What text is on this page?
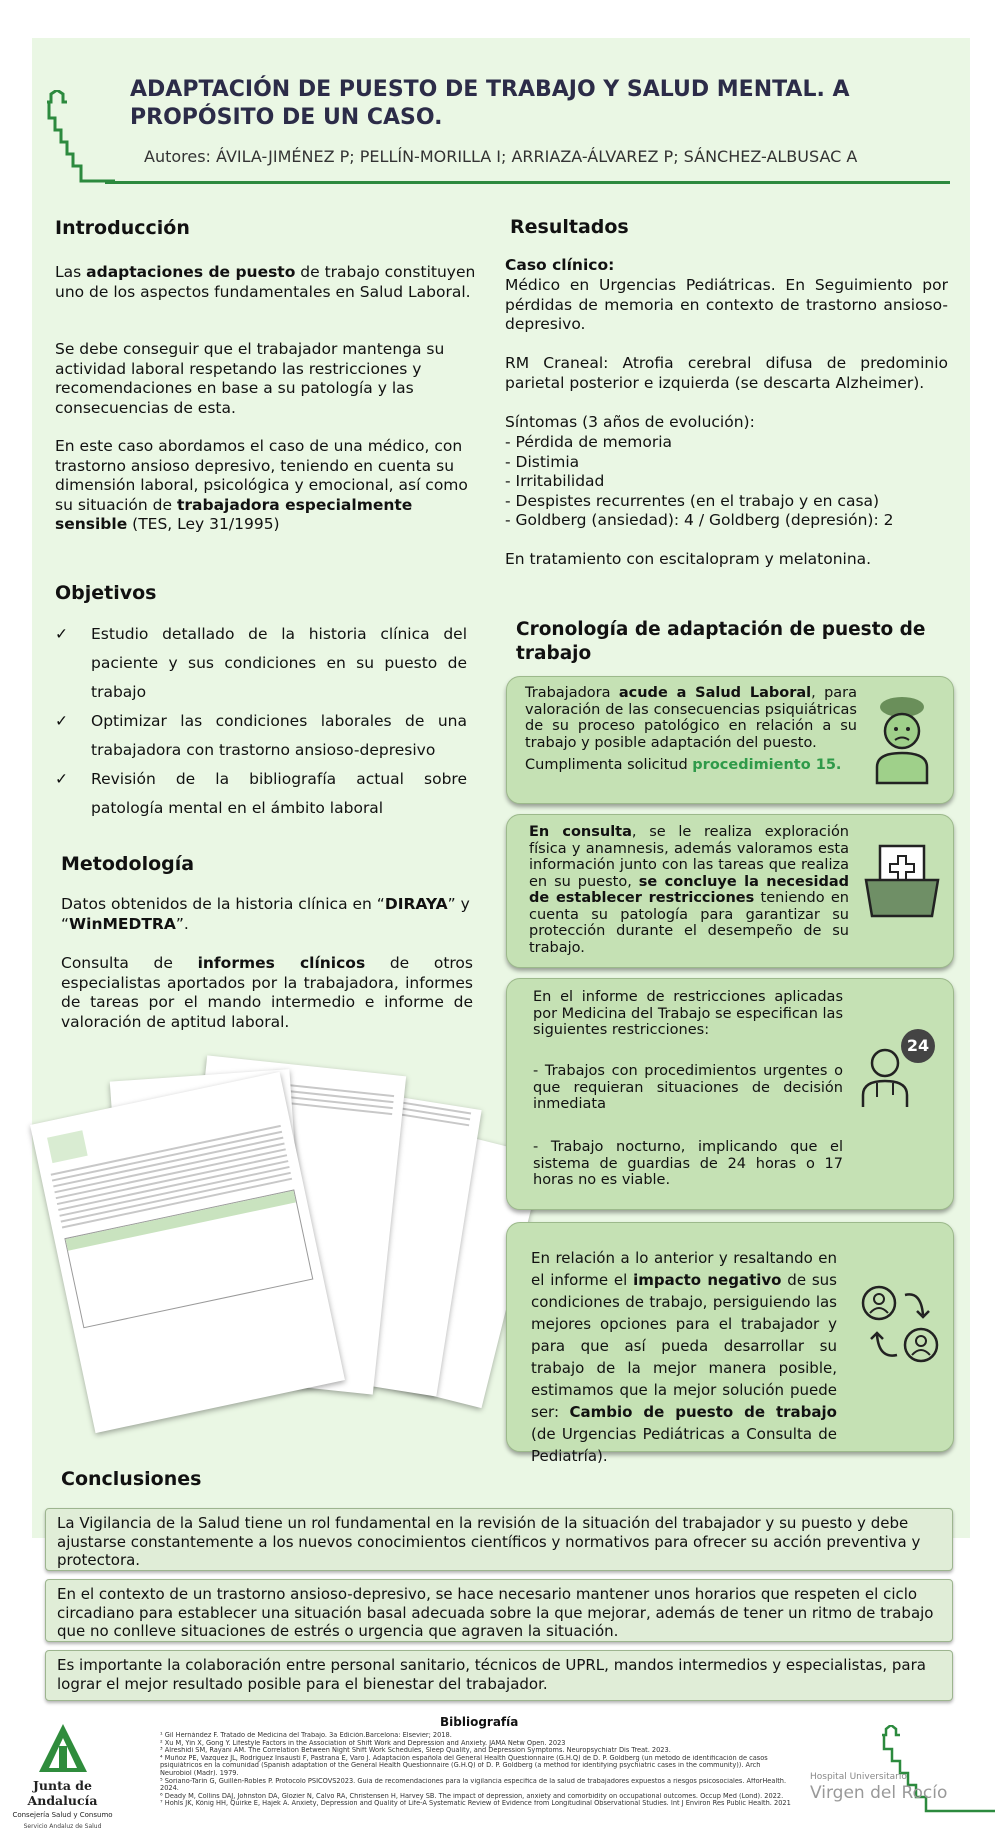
ADAPTACIÓN DE PUESTO DE TRABAJO Y SALUD MENTAL. A PROPÓSITO DE UN CASO.
Autores: ÁVILA-JIMÉNEZ P; PELLÍN-MORILLA I; ARRIAZA-ÁLVAREZ P; SÁNCHEZ-ALBUSAC A
Introducción

Las adaptaciones de puesto de trabajo constituyen uno de los aspectos fundamentales en Salud Laboral.

Se debe conseguir que el trabajador mantenga su actividad laboral respetando las restricciones y recomendaciones en base a su patología y las consecuencias de esta.

En este caso abordamos el caso de una médico, con trastorno ansioso depresivo, teniendo en cuenta su dimensión laboral, psicológica y emocional, así como su situación de trabajadora especialmente sensible (TES, Ley 31/1995)

Objetivos
✓ Estudio detallado de la historia clínica del paciente y sus condiciones en su puesto de trabajo
✓ Optimizar las condiciones laborales de una trabajadora con trastorno ansioso-depresivo
✓ Revisión de la bibliografía actual sobre patología mental en el ámbito laboral
Metodología

Datos obtenidos de la historia clínica en “DIRAYA” y “WinMEDTRA”.

Consulta de informes clínicos de otros especialistas aportados por la trabajadora, informes de tareas por el mando intermedio e informe de valoración de aptitud laboral.

Resultados

Caso clínico:

Médico en Urgencias Pediátricas. En Seguimiento por pérdidas de memoria en contexto de trastorno ansioso-depresivo.

RM Craneal: Atrofia cerebral difusa de predominio parietal posterior e izquierda (se descarta Alzheimer).

Síntomas (3 años de evolución):

- Pérdida de memoria
- Distimia
- Irritabilidad
- Despistes recurrentes (en el trabajo y en casa)
- Goldberg (ansiedad): 4 / Goldberg (depresión): 2

En tratamiento con escitalopram y melatonina.

Cronología de adaptación de puesto de trabajo
Trabajadora acude a Salud Laboral, para valoración de las consecuencias psiquiátricas de su proceso patológico en relación a su trabajo y posible adaptación del puesto.
Cumplimenta solicitud procedimiento 15.
En consulta, se le realiza exploración física y anamnesis, además valoramos esta información junto con las tareas que realiza en su puesto, se concluye la necesidad de establecer restricciones teniendo en cuenta su patología para garantizar su protección durante el desempeño de su trabajo.
En el informe de restricciones aplicadas por Medicina del Trabajo se especifican las siguientes restricciones:
- Trabajos con procedimientos urgentes o que requieran situaciones de decisión inmediata
- Trabajo nocturno, implicando que el sistema de guardias de 24 horas o 17 horas no es viable.
24
En relación a lo anterior y resaltando en el informe el impacto negativo de sus condiciones de trabajo, persiguiendo las mejores opciones para el trabajador y para que así pueda desarrollar su trabajo de la mejor manera posible, estimamos que la mejor solución puede ser: Cambio de puesto de trabajo (de Urgencias Pediátricas a Consulta de Pediatría).
Conclusiones
La Vigilancia de la Salud tiene un rol fundamental en la revisión de la situación del trabajador y su puesto y debe ajustarse constantemente a los nuevos conocimientos científicos y normativos para ofrecer su acción preventiva y protectora.
En el contexto de un trastorno ansioso-depresivo, se hace necesario mantener unos horarios que respeten el ciclo circadiano para establecer una situación basal adecuada sobre la que mejorar, además de tener un ritmo de trabajo que no conlleve situaciones de estrés o urgencia que agraven la situación.
Es importante la colaboración entre personal sanitario, técnicos de UPRL, mandos intermedios y especialistas, para lograr el mejor resultado posible para el bienestar del trabajador.
Bibliografía
¹ Gil Hernández F. Tratado de Medicina del Trabajo. 3a Edición.Barcelona: Elsevier; 2018.
² Xu M, Yin X, Gong Y. Lifestyle Factors in the Association of Shift Work and Depression and Anxiety. JAMA Netw Open. 2023
³ Alreshidi SM, Rayani AM. The Correlation Between Night Shift Work Schedules, Sleep Quality, and Depression Symptoms. Neuropsychiatr Dis Treat. 2023.
⁴ Muñoz PE, Vazquez JL, Rodriguez Insausti F, Pastrana E, Varo J. Adaptación española del General Health Questionnaire (G.H.Q) de D. P. Goldberg (un método de identificación de casos
psiquiátricos en la comunidad (Spanish adaptation of the General Health Questionnaire (G.H.Q) of D. P. Goldberg (a method for identifying psychiatric cases in the community)). Arch
Neurobiol (Madr). 1979.
⁵ Soriano-Tarín G, Guillén-Robles P. Protocolo PSICOVS2023. Guía de recomendaciones para la vigilancia específica de la salud de trabajadores expuestos a riesgos psicosociales. AfforHealth.
2024.
⁶ Deady M, Collins DAJ, Johnston DA, Glozier N, Calvo RA, Christensen H, Harvey SB. The impact of depression, anxiety and comorbidity on occupational outcomes. Occup Med (Lond). 2022.
⁷ Hohls JK, König HH, Quirke E, Hajek A. Anxiety, Depression and Quality of Life-A Systematic Review of Evidence from Longitudinal Observational Studies. Int J Environ Res Public Health. 2021
Junta de Andalucía
Consejería Salud y Consumo
Servicio Andaluz de Salud
Hospital Universitario
Virgen del Rocío
